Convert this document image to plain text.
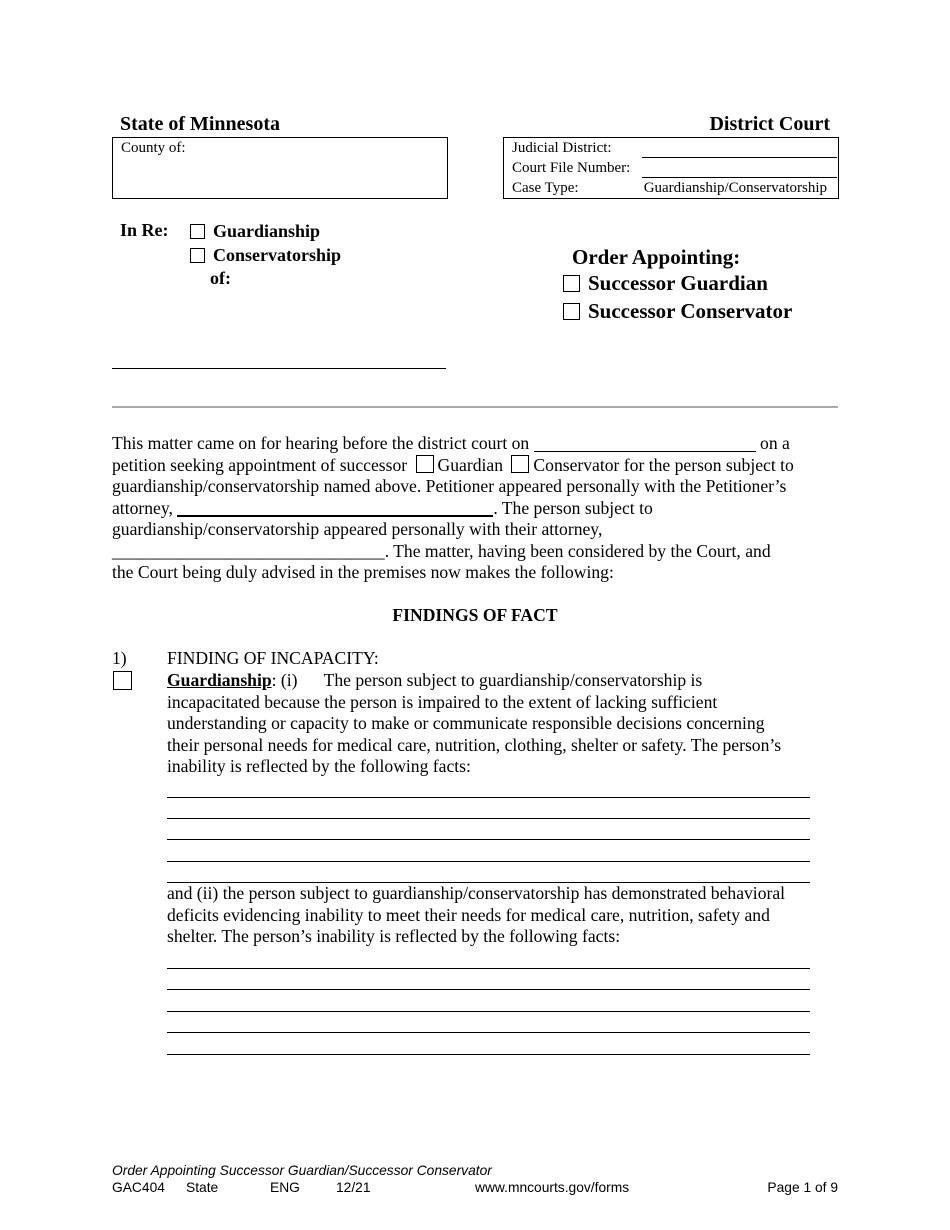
State of Minnesota	District Court
County of:	Judicial District:
Court File Number:
Case Type:	Guardianship/Conservatorship
In Re: Guardianship
Conservatorship
of:
Order Appointing:
Successor Guardian
Successor Conservator
This matter came on for hearing before the district court on	on a
petition seeking appointment of successor Guardian Conservator for the person subject to
guardianship/conservatorship named above. Petitioner appeared personally with the Petitioner’s
attorney,	. The person subject to
guardianship/conservatorship appeared personally with their attorney,
_______________________________. The matter, having been considered by the Court, and
the Court being duly advised in the premises now makes the following:
FINDINGS OF FACT
1) FINDING OF INCAPACITY:
Guardianship: (i)      The person subject to guardianship/conservatorship is
incapacitated because the person is impaired to the extent of lacking sufficient
understanding or capacity to make or communicate responsible decisions concerning
their personal needs for medical care, nutrition, clothing, shelter or safety. The person’s
inability is reflected by the following facts:
and (ii) the person subject to guardianship/conservatorship has demonstrated behavioral
deficits evidencing inability to meet their needs for medical care, nutrition, safety and
shelter. The person’s inability is reflected by the following facts:
Order Appointing Successor Guardian/Successor Conservator
GAC404 State	ENG	12/21	www.mncourts.gov/forms	Page 1 of 9
